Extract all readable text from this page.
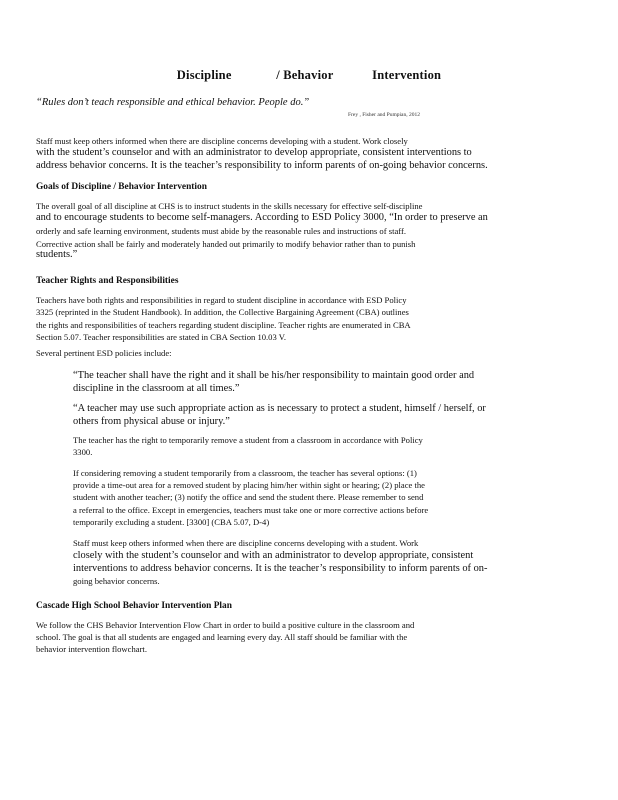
Discipline	/ Behavior	Intervention
“Rules don’t teach responsible and ethical behavior. People do.”
Frey , Fisher and Pumpian, 2012
Staff must keep others informed when there are discipline concerns developing with a student. Work closely
with the student’s counselor and with an administrator to develop appropriate, consistent interventions to
address behavior concerns. It is the teacher’s responsibility to inform parents of on-going behavior concerns.
Goals of Discipline / Behavior Intervention
The overall goal of all discipline at CHS is to instruct students in the skills necessary for effective self-discipline
and to encourage students to become self-managers. According to ESD Policy 3000, “In order to preserve an
orderly and safe learning environment, students must abide by the reasonable rules and instructions of staff.
Corrective action shall be fairly and moderately handed out primarily to modify behavior rather than to punish
students.”
Teacher Rights and Responsibilities
Teachers have both rights and responsibilities in regard to student discipline in accordance with ESD Policy
3325 (reprinted in the Student Handbook). In addition, the Collective Bargaining Agreement (CBA) outlines
the rights and responsibilities of teachers regarding student discipline. Teacher rights are enumerated in CBA
Section 5.07. Teacher responsibilities are stated in CBA Section 10.03 V.
Several pertinent ESD policies include:
“The teacher shall have the right and it shall be his/her responsibility to maintain good order and
discipline in the classroom at all times.”
“A teacher may use such appropriate action as is necessary to protect a student, himself / herself, or
others from physical abuse or injury.”
The teacher has the right to temporarily remove a student from a classroom in accordance with Policy
3300.
If considering removing a student temporarily from a classroom, the teacher has several options: (1)
provide a time-out area for a removed student by placing him/her within sight or hearing; (2) place the
student with another teacher; (3) notify the office and send the student there. Please remember to send
a referral to the office. Except in emergencies, teachers must take one or more corrective actions before
temporarily excluding a student. [3300] (CBA 5.07, D-4)
Staff must keep others informed when there are discipline concerns developing with a student. Work
closely with the student’s counselor and with an administrator to develop appropriate, consistent
interventions to address behavior concerns. It is the teacher’s responsibility to inform parents of on-
going behavior concerns.
Cascade High School Behavior Intervention Plan
We follow the CHS Behavior Intervention Flow Chart in order to build a positive culture in the classroom and
school. The goal is that all students are engaged and learning every day. All staff should be familiar with the
behavior intervention flowchart.
